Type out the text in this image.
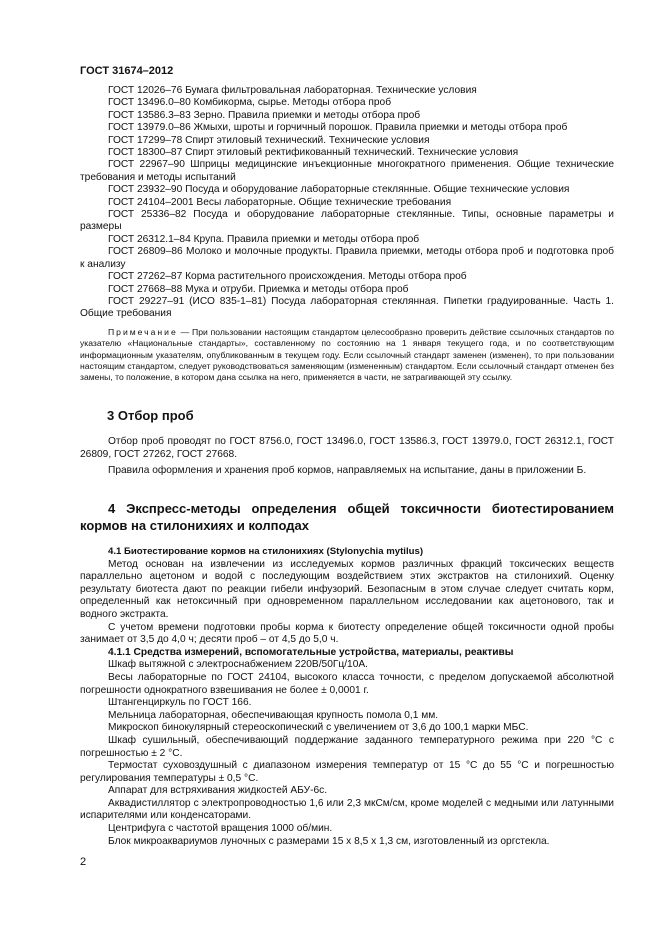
ГОСТ 31674–2012

ГОСТ 12026–76 Бумага фильтровальная лабораторная. Технические условия

ГОСТ 13496.0–80 Комбикорма, сырье. Методы отбора проб

ГОСТ 13586.3–83 Зерно. Правила приемки и методы отбора проб

ГОСТ 13979.0–86 Жмыхи, шроты и горчичный порошок. Правила приемки и методы отбора проб

ГОСТ 17299–78 Спирт этиловый технический. Технические условия

ГОСТ 18300–87 Спирт этиловый ректификованный технический. Технические условия

ГОСТ 22967–90 Шприцы медицинские инъекционные многократного применения. Общие технические требования и методы испытаний

ГОСТ 23932–90 Посуда и оборудование лабораторные стеклянные. Общие технические условия

ГОСТ 24104–2001 Весы лабораторные. Общие технические требования

ГОСТ 25336–82 Посуда и оборудование лабораторные стеклянные. Типы, основные параметры и размеры

ГОСТ 26312.1–84 Крупа. Правила приемки и методы отбора проб

ГОСТ 26809–86 Молоко и молочные продукты. Правила приемки, методы отбора проб и подготовка проб к анализу

ГОСТ 27262–87 Корма растительного происхождения. Методы отбора проб

ГОСТ 27668–88 Мука и отруби. Приемка и методы отбора проб

ГОСТ 29227–91 (ИСО 835-1–81) Посуда лабораторная стеклянная. Пипетки градуированные. Часть 1. Общие требования

Примечание — При пользовании настоящим стандартом целесообразно проверить действие ссылочных стандартов по указателю «Национальные стандарты», составленному по состоянию на 1 января текущего года, и по соответствующим информационным указателям, опубликованным в текущем году. Если ссылочный стандарт заменен (изменен), то при пользовании настоящим стандартом, следует руководствоваться заменяющим (измененным) стандартом. Если ссылочный стандарт отменен без замены, то положение, в котором дана ссылка на него, применяется в части, не затрагивающей эту ссылку.

3 Отбор проб

Отбор проб проводят по ГОСТ 8756.0, ГОСТ 13496.0, ГОСТ 13586.3, ГОСТ 13979.0, ГОСТ 26312.1, ГОСТ 26809, ГОСТ 27262, ГОСТ 27668.

Правила оформления и хранения проб кормов, направляемых на испытание, даны в приложении Б.

4 Экспресс-методы определения общей токсичности биотестированием кормов на стилонихиях и колподах

4.1 Биотестирование кормов на стилонихиях (Stylonychia mytilus)

Метод основан на извлечении из исследуемых кормов различных фракций токсических веществ параллельно ацетоном и водой с последующим воздействием этих экстрактов на стилонихий. Оценку результату биотеста дают по реакции гибели инфузорий. Безопасным в этом случае следует считать корм, определенный как нетоксичный при одновременном параллельном исследовании как ацетонового, так и водного экстракта.

С учетом времени подготовки пробы корма к биотесту определение общей токсичности одной пробы занимает от 3,5 до 4,0 ч; десяти проб – от 4,5 до 5,0 ч.

4.1.1 Средства измерений, вспомогательные устройства, материалы, реактивы

Шкаф вытяжной с электроснабжением 220В/50Гц/10А.

Весы лабораторные по ГОСТ 24104, высокого класса точности, с пределом допускаемой абсолютной погрешности однократного взвешивания не более ± 0,0001 г.

Штангенциркуль по ГОСТ 166.

Мельница лабораторная, обеспечивающая крупность помола 0,1 мм.

Микроскоп бинокулярный стереоскопический с увеличением от 3,6 до 100,1 марки МБС.

Шкаф сушильный, обеспечивающий поддержание заданного температурного режима при 220 °С с погрешностью ± 2 °С.

Термостат суховоздушный с диапазоном измерения температур от 15 °С до 55 °С и погрешностью регулирования температуры ± 0,5 °С.

Аппарат для встряхивания жидкостей АБУ-6с.

Аквадистиллятор с электропроводностью 1,6 или 2,3 мкСм/см, кроме моделей с медными или латунными испарителями или конденсаторами.

Центрифуга с частотой вращения 1000 об/мин.

Блок микроаквариумов луночных с размерами 15 х 8,5 х 1,3 см, изготовленный из оргстекла.

2
